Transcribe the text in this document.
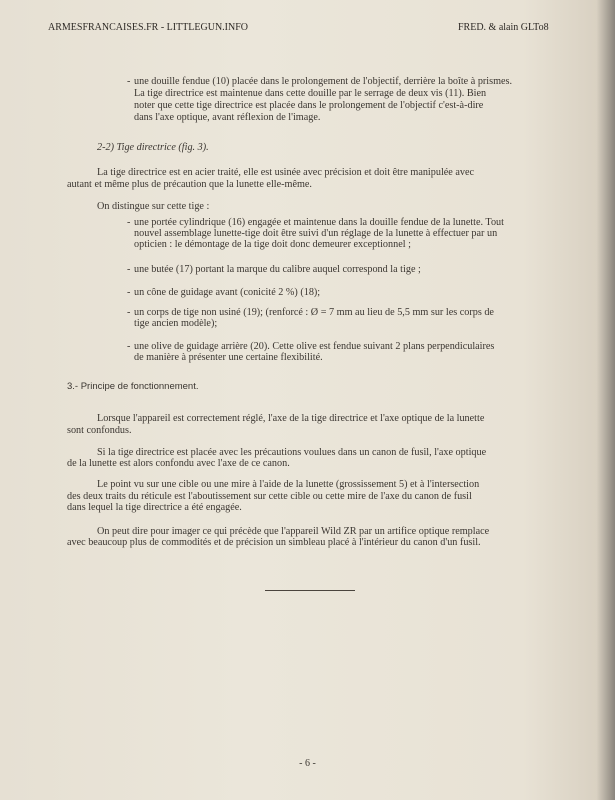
ARMESFRANCAISES.FR - LITTLEGUN.INFO	FRED. & alain GLTo8
- une douille fendue (10) placée dans le prolongement de l'objectif, derrière la boîte à prismes.
La tige directrice est maintenue dans cette douille par le serrage de deux vis (11). Bien
noter que cette tige directrice est placée dans le prolongement de l'objectif c'est-à-dire
dans l'axe optique, avant réflexion de l'image.
2-2) Tige directrice (fig. 3).
La tige directrice est en acier traité, elle est usinée avec précision et doit être manipulée avec
autant et même plus de précaution que la lunette elle-même.
On distingue sur cette tige :
- une portée cylindrique (16) engagée et maintenue dans la douille fendue de la lunette. Tout
nouvel assemblage lunette-tige doit être suivi d'un réglage de la lunette à effectuer par un
opticien : le démontage de la tige doit donc demeurer exceptionnel ;
- une butée (17) portant la marque du calibre auquel correspond la tige ;
- un cône de guidage avant (conicité 2 %) (18);
- un corps de tige non usiné (19); (renforcé : Ø = 7 mm au lieu de 5,5 mm sur les corps de
tige ancien modèle);
- une olive de guidage arrière (20). Cette olive est fendue suivant 2 plans perpendiculaires
de manière à présenter une certaine flexibilité.
3.- Principe de fonctionnement.
Lorsque l'appareil est correctement réglé, l'axe de la tige directrice et l'axe optique de la lunette
sont confondus.
Si la tige directrice est placée avec les précautions voulues dans un canon de fusil, l'axe optique
de la lunette est alors confondu avec l'axe de ce canon.
Le point vu sur une cible ou une mire à l'aide de la lunette (grossissement 5) et à l'intersection
des deux traits du réticule est l'aboutissement sur cette cible ou cette mire de l'axe du canon de fusil
dans lequel la tige directrice a été engagée.
On peut dire pour imager ce qui précède que l'appareil Wild ZR par un artifice optique remplace
avec beaucoup plus de commodités et de précision un simbleau placé à l'intérieur du canon d'un fusil.
- 6 -
